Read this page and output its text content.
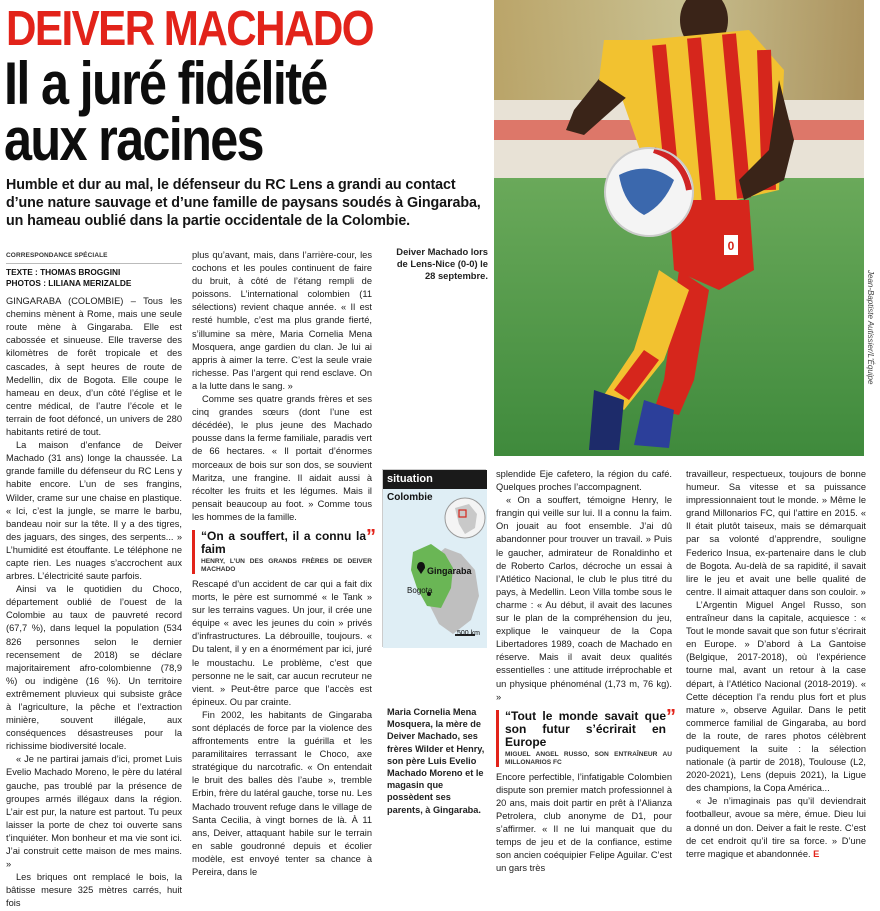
DEIVER MACHADO
Il a juré fidélité
aux racines
Humble et dur au mal, le défenseur du RC Lens a grandi au contact d’une nature sauvage et d’une famille de paysans soudés à Gingaraba, un hameau oublié dans la partie occidentale de la Colombie.
0
Jean-Baptiste Autissier/L’Équipe
Deiver Machado lors de Lens-Nice (0-0) le 28 septembre.
CORRESPONDANCE SPÉCIALE
TEXTE : THOMAS BROGGINI
PHOTOS : LILIANA MERIZALDE

GINGARABA (COLOMBIE) – Tous les chemins mènent à Rome, mais une seule route mène à Gingaraba. Elle est cabossée et sinueuse. Elle traverse des kilomètres de forêt tropicale et des cascades, à sept heures de route de Medellin, dix de Bogota. Elle coupe le hameau en deux, d’un côté l’église et le centre médical, de l’autre l’école et le terrain de foot défoncé, un univers de 280 habitants retiré de tout.

La maison d’enfance de Deiver Machado (31 ans) longe la chaussée. La grande famille du défenseur du RC Lens y habite encore. L’un de ses frangins, Wilder, crame sur une chaise en plastique. « Ici, c’est la jungle, se marre le barbu, bandeau noir sur la tête. Il y a des tigres, des jaguars, des singes, des serpents... » L’humidité est étouffante. Le téléphone ne capte rien. Les nuages s’accrochent aux arbres. L’électricité saute parfois.

Ainsi va le quotidien du Choco, département oublié de l’ouest de la Colombie au taux de pauvreté record (67,7 %), dans lequel la population (534 826 personnes selon le dernier recensement de 2018) se déclare majoritairement afro-colombienne (78,9 %) ou indigène (16 %). Un territoire extrêmement pluvieux qui subsiste grâce à l’agriculture, la pêche et l’extraction minière, souvent illégale, aux conséquences désastreuses pour la richissime biodiversité locale.

« Je ne partirai jamais d’ici, promet Luis Evelio Machado Moreno, le père du latéral gauche, pas troublé par la présence de groupes armés illégaux dans la région. L’air est pur, la nature est partout. Tu peux laisser la porte de chez toi ouverte sans t’inquiéter. Mon bonheur et ma vie sont ici. J’ai construit cette maison de mes mains. »

Les briques ont remplacé le bois, la bâtisse mesure 325 mètres carrés, huit fois

plus qu’avant, mais, dans l’arrière-cour, les cochons et les poules continuent de faire du bruit, à côté de l’étang rempli de poissons. L’international colombien (11 sélections) revient chaque année. « Il est resté humble, c’est ma plus grande fierté, s’illumine sa mère, Maria Cornelia Mena Mosquera, ange gardien du clan. Je lui ai appris à aimer la terre. C’est la seule vraie richesse. Pas l’argent qui rend esclave. On a la lutte dans le sang. »

Comme ses quatre grands frères et ses cinq grandes sœurs (dont l’une est décédée), le plus jeune des Machado pousse dans la ferme familiale, paradis vert de 66 hectares. « Il portait d’énormes morceaux de bois sur son dos, se souvient Maritza, une frangine. Il aidait aussi à récolter les fruits et les légumes. Mais il pensait beaucoup au foot. » Comme tous les hommes de la famille.

“On a souffert, il a connu la faim
”
HENRY, L’UN DES GRANDS FRÈRES DE DEIVER MACHADO

Rescapé d’un accident de car qui a fait dix morts, le père est surnommé « le Tank » sur les terrains vagues. Un jour, il crée une équipe « avec les jeunes du coin » privés d’infrastructures. La débrouille, toujours. « Du talent, il y en a énormément par ici, juré le moustachu. Le problème, c’est que personne ne le sait, car aucun recruteur ne vient. » Peut-être parce que l’accès est épineux. Ou par crainte.

Fin 2002, les habitants de Gingaraba sont déplacés de force par la violence des affrontements entre la guérilla et les paramilitaires terrassant le Choco, axe stratégique du narcotrafic. « On entendait le bruit des balles dès l’aube », tremble Erbin, frère du latéral gauche, torse nu. Les Machado trouvent refuge dans le village de Santa Cecilia, à vingt bornes de là. À 11 ans, Deiver, attaquant habile sur le terrain en sable goudronné depuis et écolier modèle, est envoyé tenter sa chance à Pereira, dans le

situation
Colombie
Gingaraba
Bogota
500 km
Maria Cornelia Mena Mosquera, la mère de Deiver Machado, ses frères Wilder et Henry, son père Luis Evelio Machado Moreno et le magasin que possèdent ses parents, à Gingaraba.

splendide Eje cafetero, la région du café. Quelques proches l’accompagnent.

« On a souffert, témoigne Henry, le frangin qui veille sur lui. Il a connu la faim. On jouait au foot ensemble. J’ai dû abandonner pour trouver un travail. » Puis le gaucher, admirateur de Ronaldinho et de Roberto Carlos, décroche un essai à l’Atlético Nacional, le club le plus titré du pays, à Medellin. Leon Villa tombe sous le charme : « Au début, il avait des lacunes sur le plan de la compréhension du jeu, explique le vainqueur de la Copa Libertadores 1989, coach de Machado en réserve. Mais il avait deux qualités essentielles : une attitude irréprochable et un physique phénoménal (1,73 m, 76 kg). »

“Tout le monde savait que son futur s’écrirait en Europe
”
MIGUEL ANGEL RUSSO, SON ENTRAÎNEUR AU MILLONARIOS FC

Encore perfectible, l’infatigable Colombien dispute son premier match professionnel à 20 ans, mais doit partir en prêt à l’Alianza Petrolera, club anonyme de D1, pour s’affirmer. « Il ne lui manquait que du temps de jeu et de la confiance, estime son ancien coéquipier Felipe Aguilar. C’est un gars très

travailleur, respectueux, toujours de bonne humeur. Sa vitesse et sa puissance impressionnaient tout le monde. » Même le grand Millonarios FC, qui l’attire en 2015. « Il était plutôt taiseux, mais se démarquait par sa volonté d’apprendre, souligne Federico Insua, ex-partenaire dans le club de Bogota. Au-delà de sa rapidité, il savait lire le jeu et avait une belle qualité de centre. Il aimait attaquer dans son couloir. »

L’Argentin Miguel Angel Russo, son entraîneur dans la capitale, acquiesce : « Tout le monde savait que son futur s’écrirait en Europe. » D’abord à La Gantoise (Belgique, 2017-2018), où l’expérience tourne mal, avant un retour à la case départ, à l’Atlético Nacional (2018-2019). « Cette déception l’a rendu plus fort et plus mature », observe Aguilar. Dans le petit commerce familial de Gingaraba, au bord de la route, de rares photos célèbrent pudiquement la suite : la sélection nationale (à partir de 2018), Toulouse (L2, 2020-2021), Lens (depuis 2021), la Ligue des champions, la Copa América...

« Je n’imaginais pas qu’il deviendrait footballeur, avoue sa mère, émue. Dieu lui a donné un don. Deiver a fait le reste. C’est de cet endroit qu’il tire sa force. » D’une terre magique et abandonnée. E
